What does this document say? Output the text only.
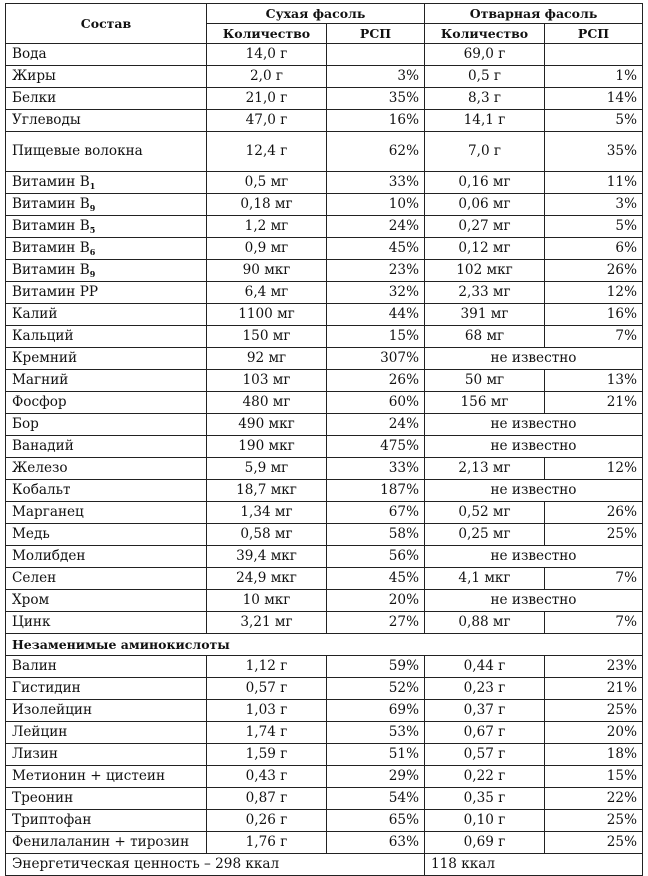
Состав	Сухая фасоль		Отварная фасоль	
	Количество	РСП	Количество	РСП
Вода	14,0 г		69,0 г	
Жиры	2,0 г	3%	0,5 г	1%
Белки	21,0 г	35%	8,3 г	14%
Углеводы	47,0 г	16%	14,1 г	5%
Пищевые волокна	12,4 г	62%	7,0 г	35%
Витамин $В_1$	0,5 мг	33%	0,16 мг	11%
Витамин $В_9$	0,18 мг	10%	0,06 мг	3%
Витамин $В_5$	1,2 мг	24%	0,27 мг	5%
Витамин $В_6$	0,9 мг	45%	0,12 мг	6%
Витамин $В_9$	90 мкг	23%	102 мкг	26%
Витамин РР	6,4 мг	32%	2,33 мг	12%
Калий	1100 мг	44%	391 мг	16%
Кальций	150 мг	15%	68 мг	7%
Кремний	92 мг	307%	не известно	
Магний	103 мг	26%	50 мг	13%
Фосфор	480 мг	60%	156 мг	21%
Бор	490 мкг	24%	не известно	
Ванадий	190 мкг	475%	не известно	
Железо	5,9 мг	33%	2,13 мг	12%
Кобальт	18,7 мкг	187%	не известно	
Марганец	1,34 мг	67%	0,52 мг	26%
Медь	0,58 мг	58%	0,25 мг	25%
Молибден	39,4 мкг	56%	не известно	
Селен	24,9 мкг	45%	4,1 мкг	7%
Хром	10 мкг	20%	не известно	
Цинк	3,21 мг	27%	0,88 мг	7%
Незаменимые аминокислоты				
Валин	1,12 г	59%	0,44 г	23%
Гистидин	0,57 г	52%	0,23 г	21%
Изолейцин	1,03 г	69%	0,37 г	25%
Лейцин	1,74 г	53%	0,67 г	20%
Лизин	1,59 г	51%	0,57 г	18%
Метионин + цистеин	0,43 г	29%	0,22 г	15%
Треонин	0,87 г	54%	0,35 г	22%
Триптофан	0,26 г	65%	0,10 г	25%
Фенилаланин + тирозин	1,76 г	63%	0,69 г	25%
Энергетическая ценность – 298 ккал			118 ккал	
